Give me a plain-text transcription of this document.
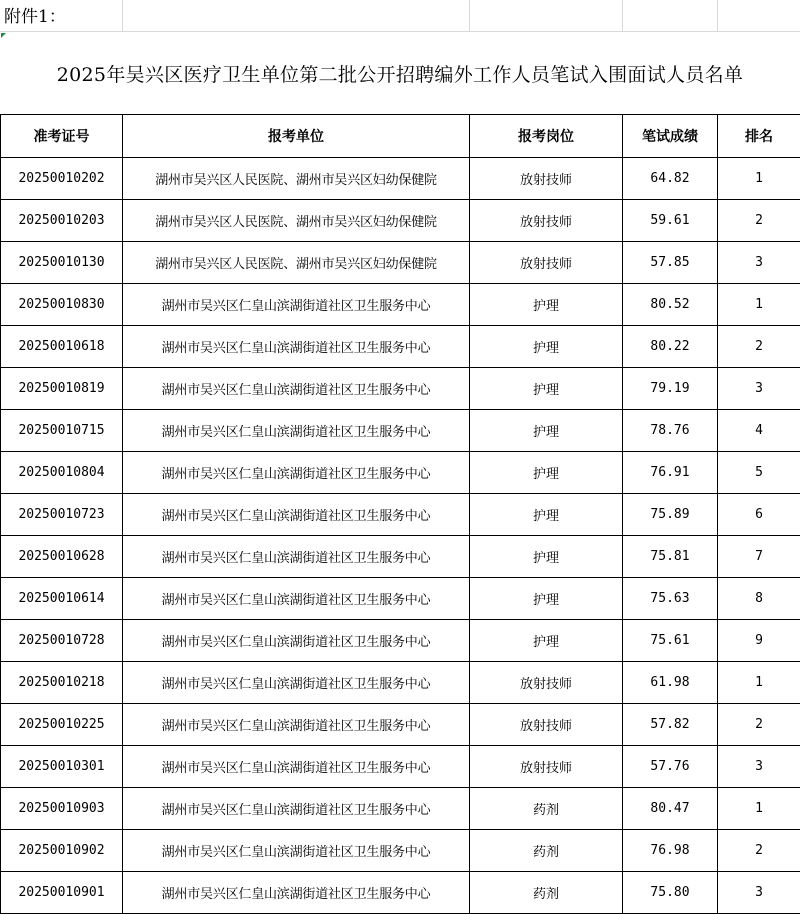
附件1：
2025年吴兴区医疗卫生单位第二批公开招聘编外工作人员笔试入围面试人员名单
准考证号	报考单位	报考岗位	笔试成绩	排名
20250010202	湖州市吴兴区人民医院、湖州市吴兴区妇幼保健院	放射技师	64.82	1
20250010203	湖州市吴兴区人民医院、湖州市吴兴区妇幼保健院	放射技师	59.61	2
20250010130	湖州市吴兴区人民医院、湖州市吴兴区妇幼保健院	放射技师	57.85	3
20250010830	湖州市吴兴区仁皇山滨湖街道社区卫生服务中心	护理	80.52	1
20250010618	湖州市吴兴区仁皇山滨湖街道社区卫生服务中心	护理	80.22	2
20250010819	湖州市吴兴区仁皇山滨湖街道社区卫生服务中心	护理	79.19	3
20250010715	湖州市吴兴区仁皇山滨湖街道社区卫生服务中心	护理	78.76	4
20250010804	湖州市吴兴区仁皇山滨湖街道社区卫生服务中心	护理	76.91	5
20250010723	湖州市吴兴区仁皇山滨湖街道社区卫生服务中心	护理	75.89	6
20250010628	湖州市吴兴区仁皇山滨湖街道社区卫生服务中心	护理	75.81	7
20250010614	湖州市吴兴区仁皇山滨湖街道社区卫生服务中心	护理	75.63	8
20250010728	湖州市吴兴区仁皇山滨湖街道社区卫生服务中心	护理	75.61	9
20250010218	湖州市吴兴区仁皇山滨湖街道社区卫生服务中心	放射技师	61.98	1
20250010225	湖州市吴兴区仁皇山滨湖街道社区卫生服务中心	放射技师	57.82	2
20250010301	湖州市吴兴区仁皇山滨湖街道社区卫生服务中心	放射技师	57.76	3
20250010903	湖州市吴兴区仁皇山滨湖街道社区卫生服务中心	药剂	80.47	1
20250010902	湖州市吴兴区仁皇山滨湖街道社区卫生服务中心	药剂	76.98	2
20250010901	湖州市吴兴区仁皇山滨湖街道社区卫生服务中心	药剂	75.80	3
